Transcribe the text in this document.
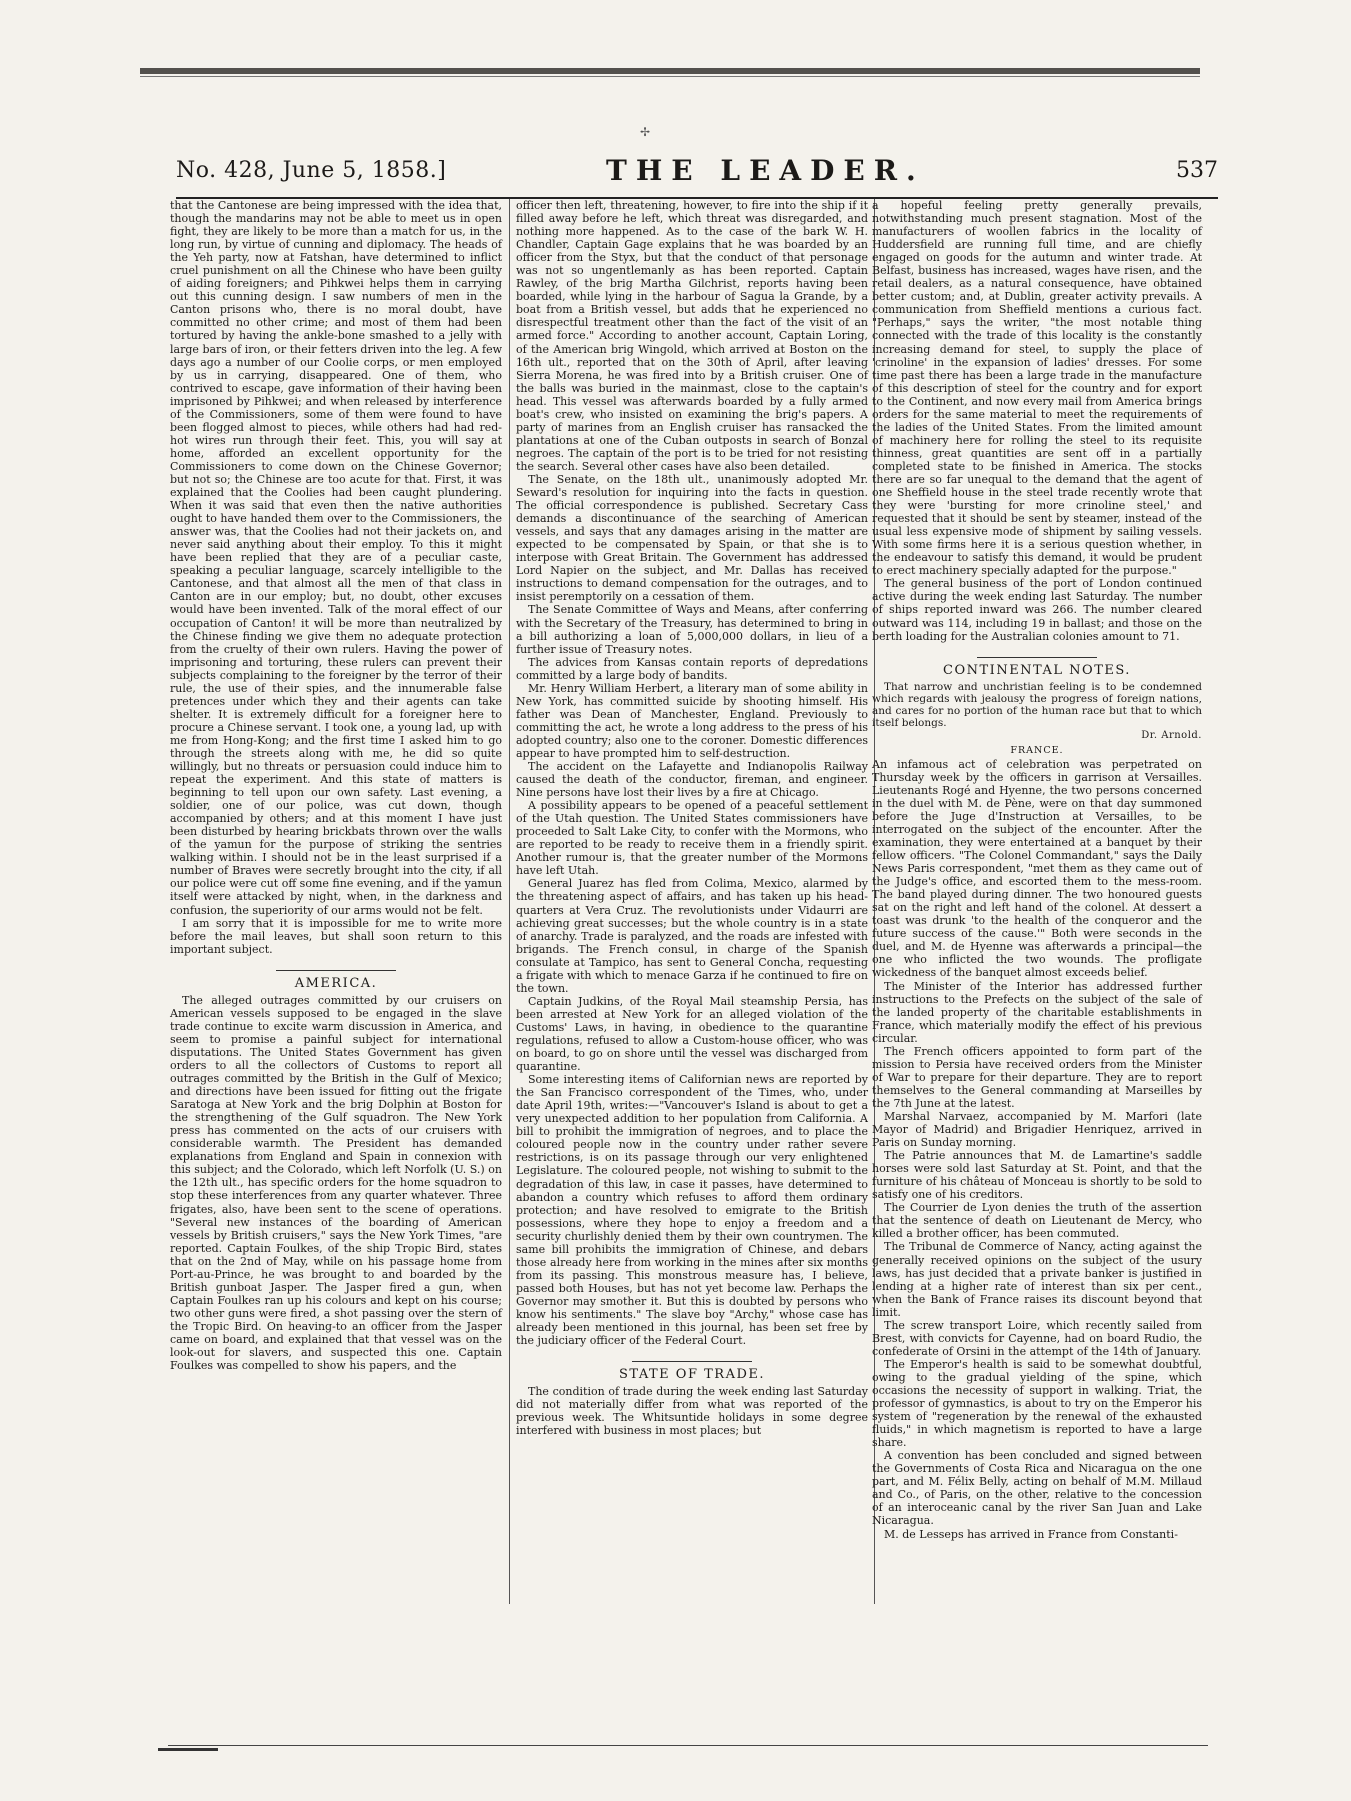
✢
No. 428, June 5, 1858.]	THE LEADER.	537

that the Cantonese are being impressed with the idea that, though the mandarins may not be able to meet us in open fight, they are likely to be more than a match for us, in the long run, by virtue of cunning and diplomacy. The heads of the Yeh party, now at Fatshan, have determined to inflict cruel punishment on all the Chinese who have been guilty of aiding foreigners; and Pihkwei helps them in carrying out this cunning design. I saw numbers of men in the Canton prisons who, there is no moral doubt, have committed no other crime; and most of them had been tortured by having the ankle-bone smashed to a jelly with large bars of iron, or their fetters driven into the leg. A few days ago a number of our Coolie corps, or men employed by us in carrying, disappeared. One of them, who contrived to escape, gave information of their having been imprisoned by Pihkwei; and when released by interference of the Commissioners, some of them were found to have been flogged almost to pieces, while others had had red-hot wires run through their feet. This, you will say at home, afforded an excellent opportunity for the Commissioners to come down on the Chinese Governor; but not so; the Chinese are too acute for that. First, it was explained that the Coolies had been caught plundering. When it was said that even then the native authorities ought to have handed them over to the Commissioners, the answer was, that the Coolies had not their jackets on, and never said anything about their employ. To this it might have been replied that they are of a peculiar caste, speaking a peculiar language, scarcely intelligible to the Cantonese, and that almost all the men of that class in Canton are in our employ; but, no doubt, other excuses would have been invented. Talk of the moral effect of our occupation of Canton! it will be more than neutralized by the Chinese finding we give them no adequate protection from the cruelty of their own rulers. Having the power of imprisoning and torturing, these rulers can prevent their subjects complaining to the foreigner by the terror of their rule, the use of their spies, and the innumerable false pretences under which they and their agents can take shelter. It is extremely difficult for a foreigner here to procure a Chinese servant. I took one, a young lad, up with me from Hong-Kong; and the first time I asked him to go through the streets along with me, he did so quite willingly, but no threats or persuasion could induce him to repeat the experiment. And this state of matters is beginning to tell upon our own safety. Last evening, a soldier, one of our police, was cut down, though accompanied by others; and at this moment I have just been disturbed by hearing brickbats thrown over the walls of the yamun for the purpose of striking the sentries walking within. I should not be in the least surprised if a number of Braves were secretly brought into the city, if all our police were cut off some fine evening, and if the yamun itself were attacked by night, when, in the darkness and confusion, the superiority of our arms would not be felt.

I am sorry that it is impossible for me to write more before the mail leaves, but shall soon return to this important subject.

AMERICA.

The alleged outrages committed by our cruisers on American vessels supposed to be engaged in the slave trade continue to excite warm discussion in America, and seem to promise a painful subject for international disputations. The United States Government has given orders to all the collectors of Customs to report all outrages committed by the British in the Gulf of Mexico; and directions have been issued for fitting out the frigate Saratoga at New York and the brig Dolphin at Boston for the strengthening of the Gulf squadron. The New York press has commented on the acts of our cruisers with considerable warmth. The President has demanded explanations from England and Spain in connexion with this subject; and the Colorado, which left Norfolk (U. S.) on the 12th ult., has specific orders for the home squadron to stop these interferences from any quarter whatever. Three frigates, also, have been sent to the scene of operations. "Several new instances of the boarding of American vessels by British cruisers," says the New York Times, "are reported. Captain Foulkes, of the ship Tropic Bird, states that on the 2nd of May, while on his passage home from Port-au-Prince, he was brought to and boarded by the British gunboat Jasper. The Jasper fired a gun, when Captain Foulkes ran up his colours and kept on his course; two other guns were fired, a shot passing over the stern of the Tropic Bird. On heaving-to an officer from the Jasper came on board, and explained that that vessel was on the look-out for slavers, and suspected this one. Captain Foulkes was compelled to show his papers, and the

officer then left, threatening, however, to fire into the ship if it filled away before he left, which threat was disregarded, and nothing more happened. As to the case of the bark W. H. Chandler, Captain Gage explains that he was boarded by an officer from the Styx, but that the conduct of that personage was not so ungentlemanly as has been reported. Captain Rawley, of the brig Martha Gilchrist, reports having been boarded, while lying in the harbour of Sagua la Grande, by a boat from a British vessel, but adds that he experienced no disrespectful treatment other than the fact of the visit of an armed force." According to another account, Captain Loring, of the American brig Wingold, which arrived at Boston on the 16th ult., reported that on the 30th of April, after leaving Sierra Morena, he was fired into by a British cruiser. One of the balls was buried in the mainmast, close to the captain's head. This vessel was afterwards boarded by a fully armed boat's crew, who insisted on examining the brig's papers. A party of marines from an English cruiser has ransacked the plantations at one of the Cuban outposts in search of Bonzal negroes. The captain of the port is to be tried for not resisting the search. Several other cases have also been detailed.

The Senate, on the 18th ult., unanimously adopted Mr. Seward's resolution for inquiring into the facts in question. The official correspondence is published. Secretary Cass demands a discontinuance of the searching of American vessels, and says that any damages arising in the matter are expected to be compensated by Spain, or that she is to interpose with Great Britain. The Government has addressed Lord Napier on the subject, and Mr. Dallas has received instructions to demand compensation for the outrages, and to insist peremptorily on a cessation of them.

The Senate Committee of Ways and Means, after conferring with the Secretary of the Treasury, has determined to bring in a bill authorizing a loan of 5,000,000 dollars, in lieu of a further issue of Treasury notes.

The advices from Kansas contain reports of depredations committed by a large body of bandits.

Mr. Henry William Herbert, a literary man of some ability in New York, has committed suicide by shooting himself. His father was Dean of Manchester, England. Previously to committing the act, he wrote a long address to the press of his adopted country; also one to the coroner. Domestic differences appear to have prompted him to self-destruction.

The accident on the Lafayette and Indianopolis Railway caused the death of the conductor, fireman, and engineer. Nine persons have lost their lives by a fire at Chicago.

A possibility appears to be opened of a peaceful settlement of the Utah question. The United States commissioners have proceeded to Salt Lake City, to confer with the Mormons, who are reported to be ready to receive them in a friendly spirit. Another rumour is, that the greater number of the Mormons have left Utah.

General Juarez has fled from Colima, Mexico, alarmed by the threatening aspect of affairs, and has taken up his head-quarters at Vera Cruz. The revolutionists under Vidaurri are achieving great successes; but the whole country is in a state of anarchy. Trade is paralyzed, and the roads are infested with brigands. The French consul, in charge of the Spanish consulate at Tampico, has sent to General Concha, requesting a frigate with which to menace Garza if he continued to fire on the town.

Captain Judkins, of the Royal Mail steamship Persia, has been arrested at New York for an alleged violation of the Customs' Laws, in having, in obedience to the quarantine regulations, refused to allow a Custom-house officer, who was on board, to go on shore until the vessel was discharged from quarantine.

Some interesting items of Californian news are reported by the San Francisco correspondent of the Times, who, under date April 19th, writes:—"Vancouver's Island is about to get a very unexpected addition to her population from California. A bill to prohibit the immigration of negroes, and to place the coloured people now in the country under rather severe restrictions, is on its passage through our very enlightened Legislature. The coloured people, not wishing to submit to the degradation of this law, in case it passes, have determined to abandon a country which refuses to afford them ordinary protection; and have resolved to emigrate to the British possessions, where they hope to enjoy a freedom and a security churlishly denied them by their own countrymen. The same bill prohibits the immigration of Chinese, and debars those already here from working in the mines after six months from its passing. This monstrous measure has, I believe, passed both Houses, but has not yet become law. Perhaps the Governor may smother it. But this is doubted by persons who know his sentiments." The slave boy "Archy," whose case has already been mentioned in this journal, has been set free by the judiciary officer of the Federal Court.

STATE OF TRADE.

The condition of trade during the week ending last Saturday did not materially differ from what was reported of the previous week. The Whitsuntide holidays in some degree interfered with business in most places; but

a hopeful feeling pretty generally prevails, notwithstanding much present stagnation. Most of the manufacturers of woollen fabrics in the locality of Huddersfield are running full time, and are chiefly engaged on goods for the autumn and winter trade. At Belfast, business has increased, wages have risen, and the retail dealers, as a natural consequence, have obtained better custom; and, at Dublin, greater activity prevails. A communication from Sheffield mentions a curious fact. "Perhaps," says the writer, "the most notable thing connected with the trade of this locality is the constantly increasing demand for steel, to supply the place of 'crinoline' in the expansion of ladies' dresses. For some time past there has been a large trade in the manufacture of this description of steel for the country and for export to the Continent, and now every mail from America brings orders for the same material to meet the requirements of the ladies of the United States. From the limited amount of machinery here for rolling the steel to its requisite thinness, great quantities are sent off in a partially completed state to be finished in America. The stocks there are so far unequal to the demand that the agent of one Sheffield house in the steel trade recently wrote that they were 'bursting for more crinoline steel,' and requested that it should be sent by steamer, instead of the usual less expensive mode of shipment by sailing vessels. With some firms here it is a serious question whether, in the endeavour to satisfy this demand, it would be prudent to erect machinery specially adapted for the purpose."

The general business of the port of London continued active during the week ending last Saturday. The number of ships reported inward was 266. The number cleared outward was 114, including 19 in ballast; and those on the berth loading for the Australian colonies amount to 71.

CONTINENTAL NOTES.

That narrow and unchristian feeling is to be condemned which regards with jealousy the progress of foreign nations, and cares for no portion of the human race but that to which itself belongs.

Dr. Arnold.
FRANCE.

An infamous act of celebration was perpetrated on Thursday week by the officers in garrison at Versailles. Lieutenants Rogé and Hyenne, the two persons concerned in the duel with M. de Pène, were on that day summoned before the Juge d'Instruction at Versailles, to be interrogated on the subject of the encounter. After the examination, they were entertained at a banquet by their fellow officers. "The Colonel Commandant," says the Daily News Paris correspondent, "met them as they came out of the Judge's office, and escorted them to the mess-room. The band played during dinner. The two honoured guests sat on the right and left hand of the colonel. At dessert a toast was drunk 'to the health of the conqueror and the future success of the cause.'" Both were seconds in the duel, and M. de Hyenne was afterwards a principal—the one who inflicted the two wounds. The profligate wickedness of the banquet almost exceeds belief.

The Minister of the Interior has addressed further instructions to the Prefects on the subject of the sale of the landed property of the charitable establishments in France, which materially modify the effect of his previous circular.

The French officers appointed to form part of the mission to Persia have received orders from the Minister of War to prepare for their departure. They are to report themselves to the General commanding at Marseilles by the 7th June at the latest.

Marshal Narvaez, accompanied by M. Marfori (late Mayor of Madrid) and Brigadier Henriquez, arrived in Paris on Sunday morning.

The Patrie announces that M. de Lamartine's saddle horses were sold last Saturday at St. Point, and that the furniture of his château of Monceau is shortly to be sold to satisfy one of his creditors.

The Courrier de Lyon denies the truth of the assertion that the sentence of death on Lieutenant de Mercy, who killed a brother officer, has been commuted.

The Tribunal de Commerce of Nancy, acting against the generally received opinions on the subject of the usury laws, has just decided that a private banker is justified in lending at a higher rate of interest than six per cent., when the Bank of France raises its discount beyond that limit.

The screw transport Loire, which recently sailed from Brest, with convicts for Cayenne, had on board Rudio, the confederate of Orsini in the attempt of the 14th of January.

The Emperor's health is said to be somewhat doubtful, owing to the gradual yielding of the spine, which occasions the necessity of support in walking. Triat, the professor of gymnastics, is about to try on the Emperor his system of "regeneration by the renewal of the exhausted fluids," in which magnetism is reported to have a large share.

A convention has been concluded and signed between the Governments of Costa Rica and Nicaragua on the one part, and M. Félix Belly, acting on behalf of M.M. Millaud and Co., of Paris, on the other, relative to the concession of an interoceanic canal by the river San Juan and Lake Nicaragua.

M. de Lesseps has arrived in France from Constanti-
